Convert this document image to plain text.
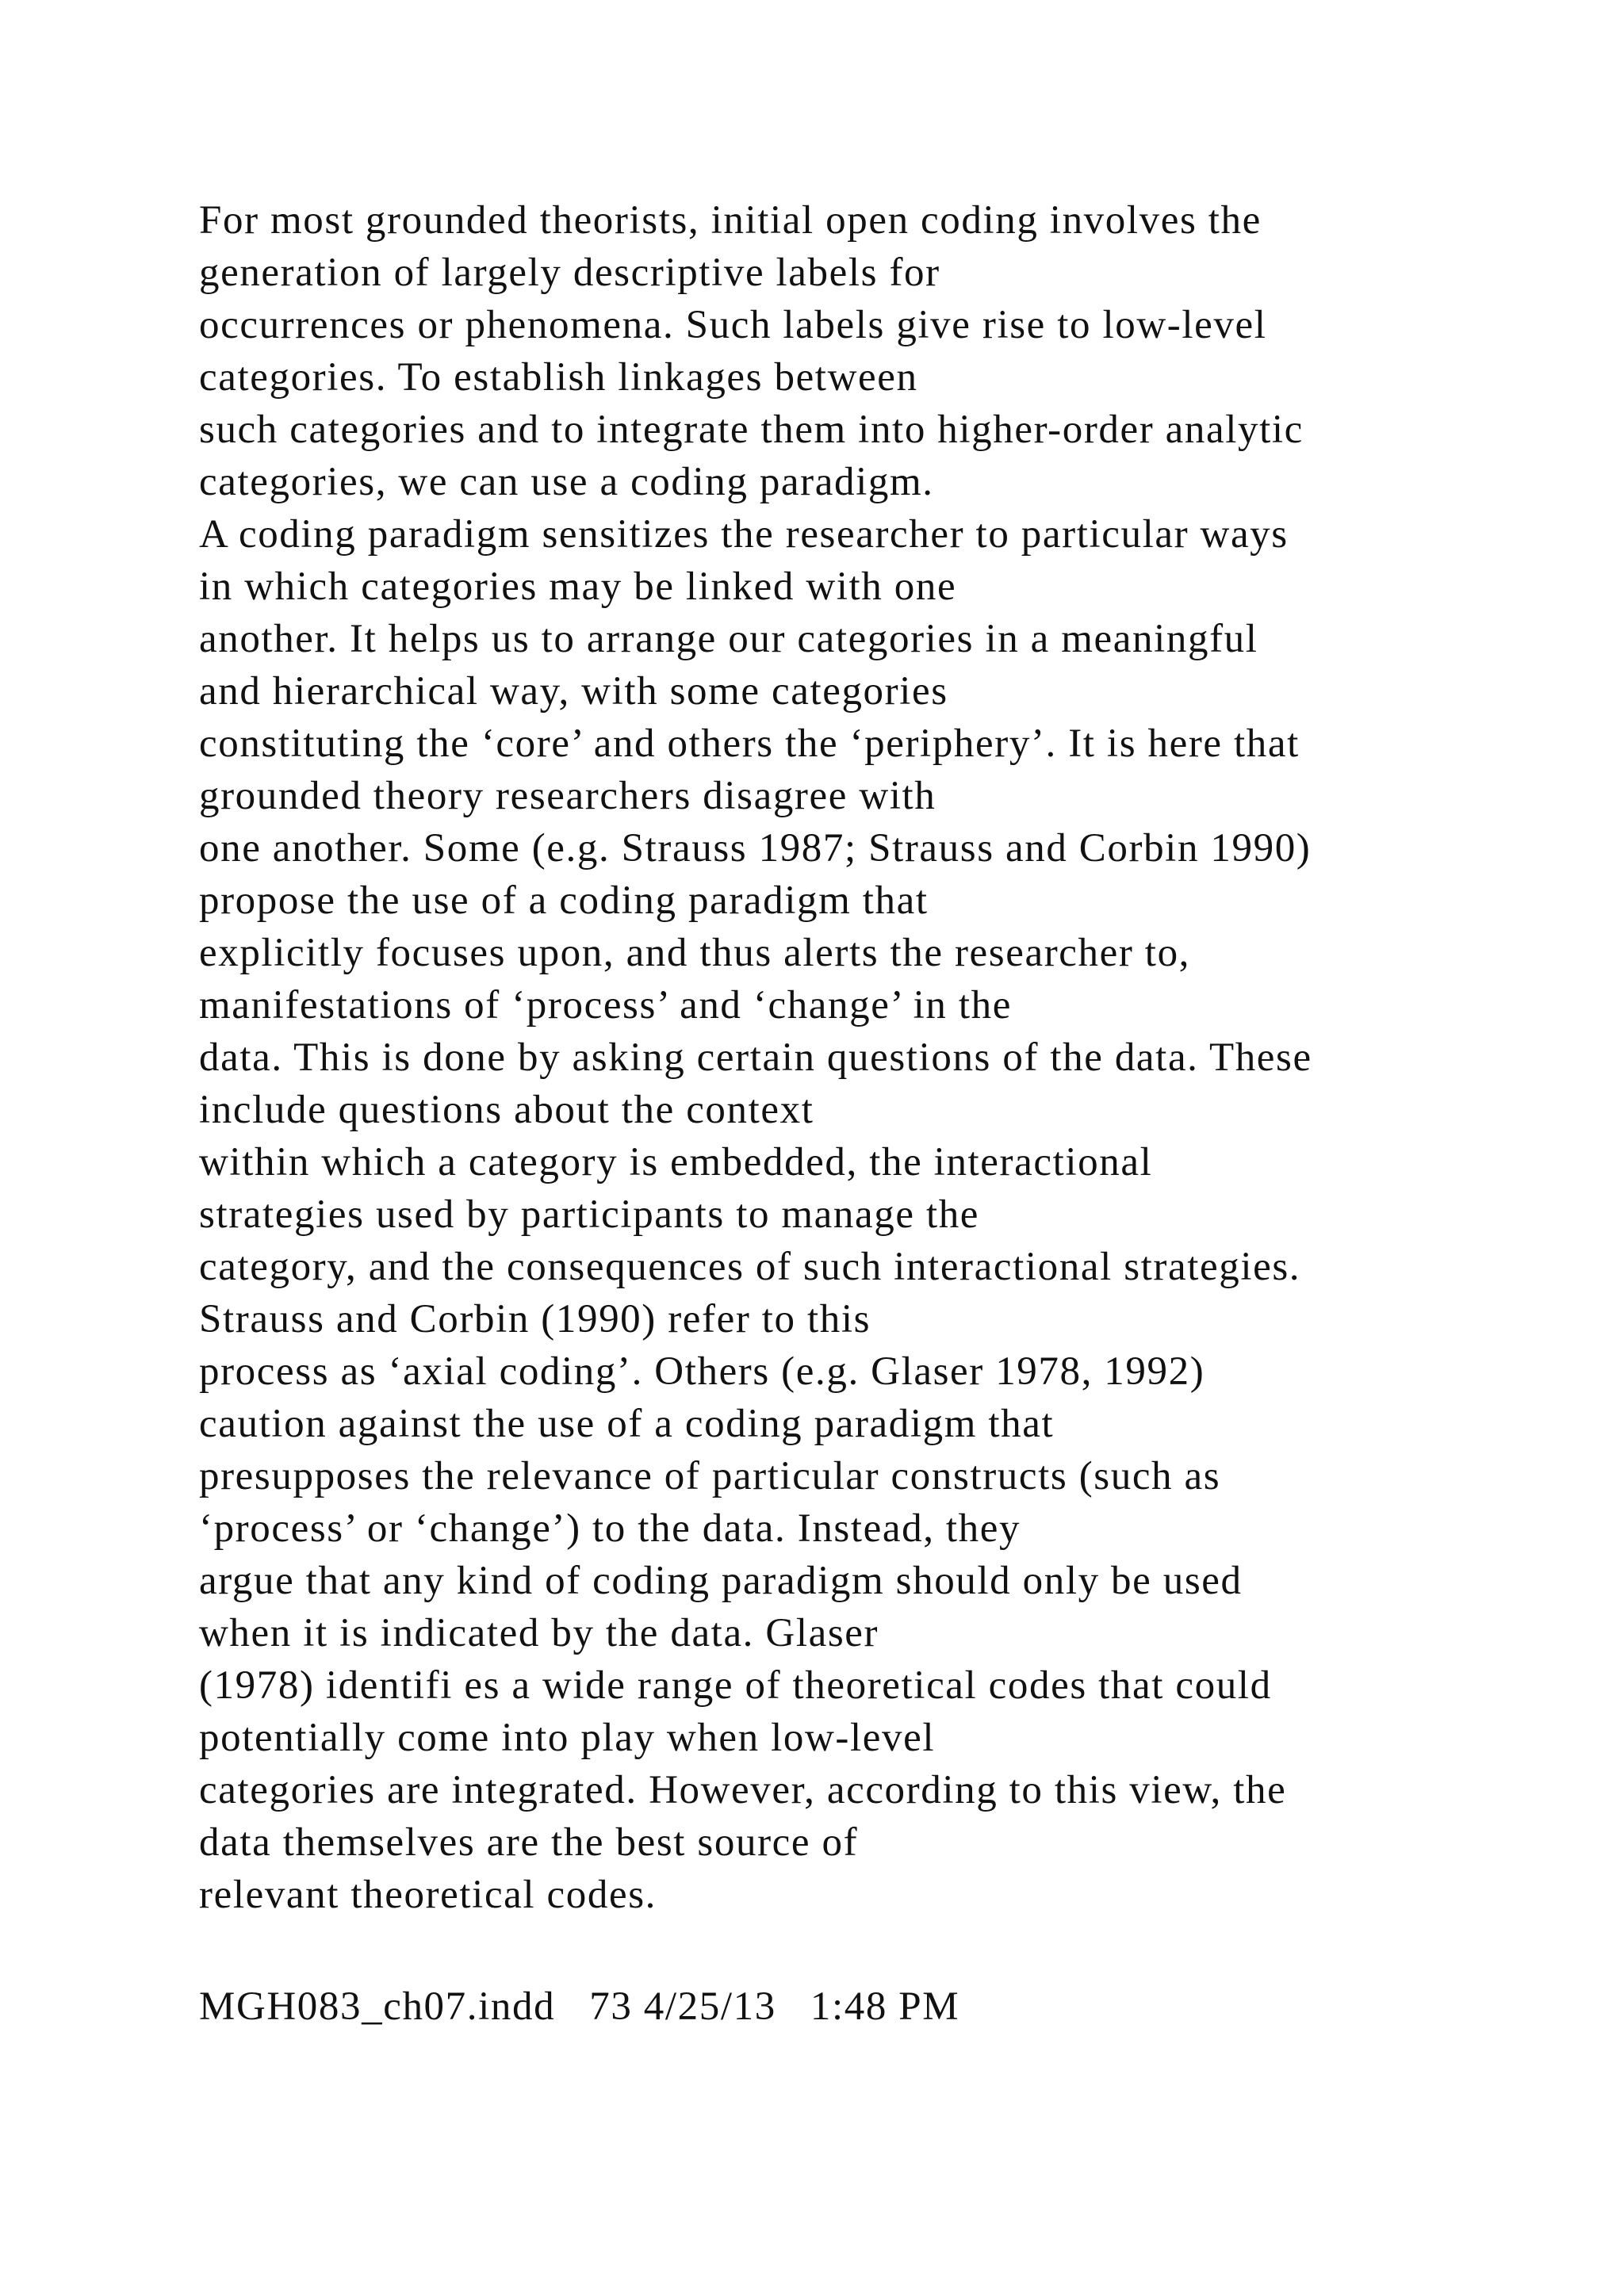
For most grounded theorists, initial open coding involves the
generation of largely descriptive labels for
occurrences or phenomena. Such labels give rise to low-level
categories. To establish linkages between
such categories and to integrate them into higher-order analytic
categories, we can use a coding paradigm.
A coding paradigm sensitizes the researcher to particular ways
in which categories may be linked with one
another. It helps us to arrange our categories in a meaningful
and hierarchical way, with some categories
constituting the ‘core’ and others the ‘periphery’. It is here that
grounded theory researchers disagree with
one another. Some (e.g. Strauss 1987; Strauss and Corbin 1990)
propose the use of a coding paradigm that
explicitly focuses upon, and thus alerts the researcher to,
manifestations of ‘process’ and ‘change’ in the
data. This is done by asking certain questions of the data. These
include questions about the context
within which a category is embedded, the interactional
strategies used by participants to manage the
category, and the consequences of such interactional strategies.
Strauss and Corbin (1990) refer to this
process as ‘axial coding’. Others (e.g. Glaser 1978, 1992)
caution against the use of a coding paradigm that
presupposes the relevance of particular constructs (such as
‘process’ or ‘change’) to the data. Instead, they
argue that any kind of coding paradigm should only be used
when it is indicated by the data. Glaser
(1978) identifi es a wide range of theoretical codes that could
potentially come into play when low-level
categories are integrated. However, according to this view, the
data themselves are the best source of
relevant theoretical codes.
MGH083_ch07.indd   73 4/25/13   1:48 PM
